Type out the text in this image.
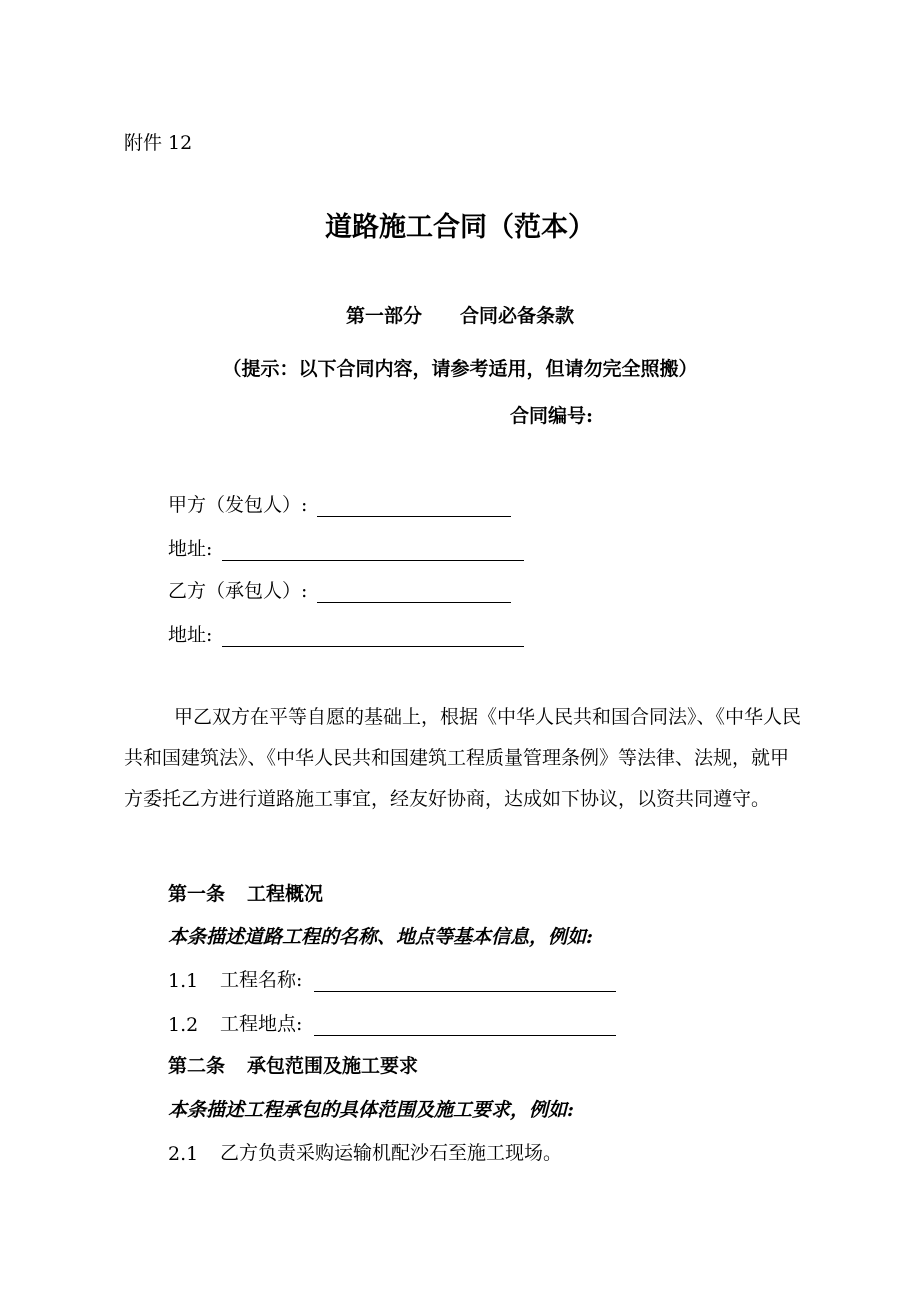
附件 12
道路施工合同（范本）
第一部分 合同必备条款
（提示：以下合同内容，请参考适用，但请勿完全照搬）
合同编号:
甲方（发包人）:
地址:
乙方（承包人）:
地址:
甲乙双方在平等自愿的基础上，根据《中华人民共和国合同法》、《中华人民共和国建筑法》、《中华人民共和国建筑工程质量管理条例》等法律、法规，就甲方委托乙方进行道路施工事宜，经友好协商，达成如下协议，以资共同遵守。
第一条 工程概况
本条描述道路工程的名称、地点等基本信息，例如:
1.1	工程名称:
1.2	工程地点:
第二条 承包范围及施工要求
本条描述工程承包的具体范围及施工要求，例如:
2.1	乙方负责采购运输机配沙石至施工现场。
